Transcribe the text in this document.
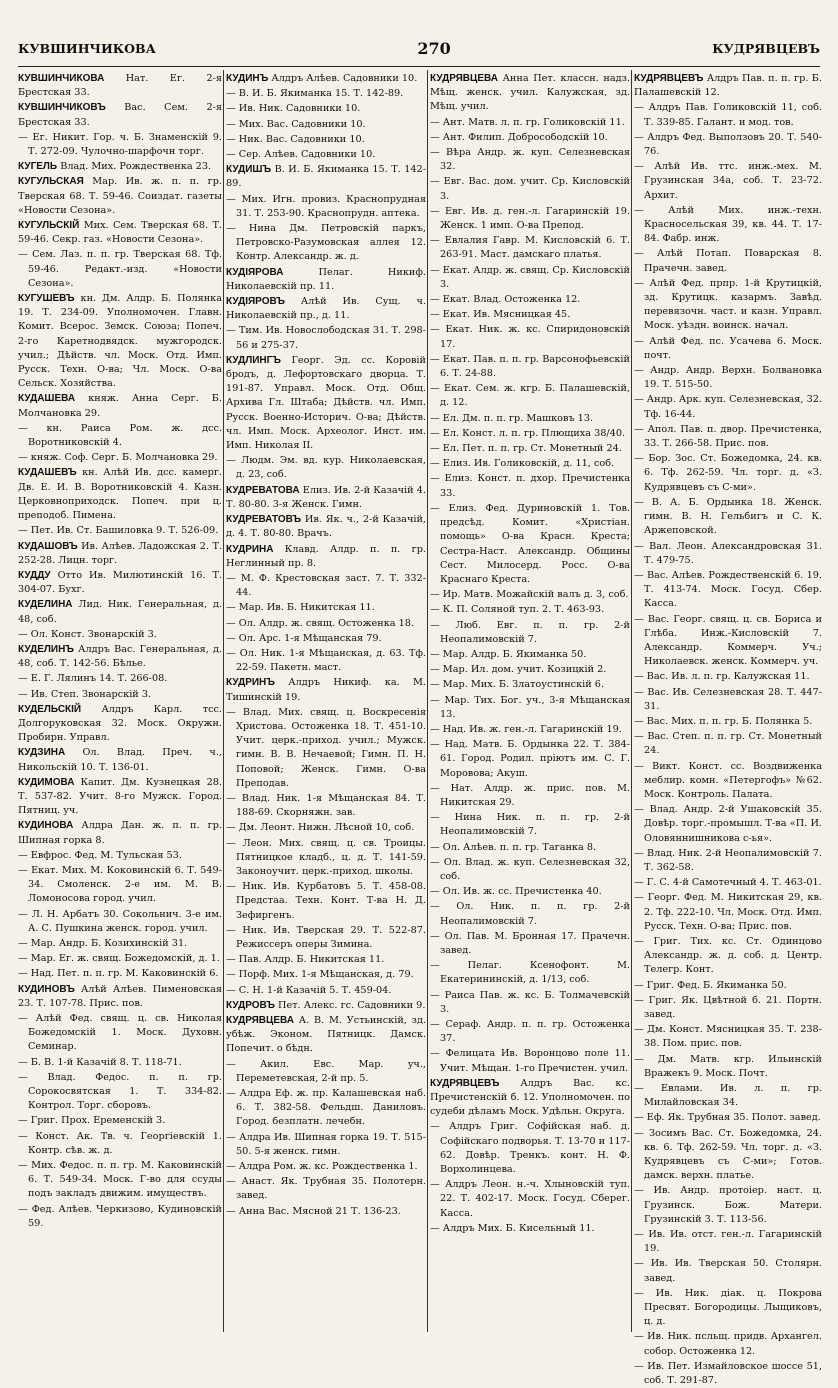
КУВШИНЧИКОВА	270	КУДРЯВЦЕВЪ
КУВШИНЧИКОВА Нат. Ег. 2-я Брестская 33.
КУВШИНЧИКОВЪ Вас. Сем. 2-я Брестская 33.
— Ег. Никит. Гор. ч. Б. Знаменскій 9. Т. 272-09. Чулочно-шарфочн торг.
КУГЕЛЬ Влад. Мих. Рождественка 23.
КУГУЛЬСКАЯ Мар. Ив. ж. п. п. гр. Тверская 68. Т. 59-46. Соиздат. газеты «Новости Сезона».
КУГУЛЬСКІЙ Мих. Сем. Тверская 68. Т. 59-46. Секр. газ. «Новости Сезона».
— Сем. Лаз. п. п. гр. Тверская 68. Тф. 59-46. Редакт.-изд. «Новости Сезона».
КУГУШЕВЪ кн. Дм. Алдр. Б. Полянка 19. Т. 234-09. Уполномочен. Главн. Комит. Всерос. Земск. Союза; Попеч. 2-го Каретнодвядск. мужгородск. учил.; Дѣйств. чл. Моск. Отд. Имп. Русск. Техн. О-ва; Чл. Моск. О-ва Сельск. Хозяйства.
КУДАШЕВА княж. Анна Серг. Б. Молчановка 29.
— кн. Раиса Ром. ж. дсс. Воротниковскій 4.
— княж. Соф. Серг. Б. Молчановка 29.
КУДАШЕВЪ кн. Алѣй Ив. дсс. камерг. Дв. Е. И. В. Воротниковскій 4. Казн. Церковноприходск. Попеч. при ц. преподоб. Пимена.
— Пет. Ив. Ст. Башиловка 9. Т. 526-09.
КУДАШОВЪ Ив. Алѣев. Ладожская 2. Т. 252-28. Лицн. торг.
КУДДУ Отто Ив. Милютинскій 16. Т. 304-07. Бухг.
КУДЕЛИНА Лид. Ник. Генеральная, д. 48, соб.
— Ол. Конст. Звонарскій 3.
КУДЕЛИНЪ Алдръ Вас. Генеральная, д. 48, соб. Т. 142-56. Бѣлье.
— Е. Г. Лялинъ 14. Т. 266-08.
— Ив. Степ. Звонарскій 3.
КУДЕЛЬСКІЙ Алдръ Карл. тсс. Долгоруковская 32. Моск. Окружн. Пробирн. Управл.
КУДЗИНА Ол. Влад. Преч. ч., Никольскій 10. Т. 136-01.
КУДИМОВА Капит. Дм. Кузнецкая 28. Т. 537-82. Учит. 8-го Мужск. Город. Пятниц. уч.
КУДИНОВА Алдра Дан. ж. п. п. гр. Шипная горка 8.
— Евфрос. Фед. М. Тульская 53.
— Екат. Мих. М. Коковинскій 6. Т. 549-34. Смоленск. 2-е им. М. В. Ломоносова город. учил.
— Л. Н. Арбатъ 30. Сокольнич. 3-е им. А. С. Пушкина женск. город. учил.
— Мар. Андр. Б. Козихинскій 31.
— Мар. Ег. ж. свящ. Божедомскій, д. 1.
— Над. Пет. п. п. гр. М. Каковинскій 6.
КУДИНОВЪ Алѣй Алѣев. Пименовская 23. Т. 107-78. Прис. пов.
— Алѣй Фед. свящ. ц. св. Николая Божедомскій 1. Моск. Духовн. Семинар.
— Б. В. 1-й Казачій 8. Т. 118-71.
— Влад. Федос. п. п. гр. Сорокосвятская 1. Т. 334-82. Контрол. Торг. сборовъ.
— Григ. Прох. Еременскій 3.
— Конст. Ак. Тв. ч. Георгіевскій 1. Контр. сѣв. ж. д.
— Мих. Федос. п. п. гр. М. Каковинскій 6. Т. 549-34. Моск. Г-во для ссуды подъ закладъ движим. имуществъ.
— Фед. Алѣев. Черкизово, Кудиновскій 59.
КУДИНЪ Алдръ Алѣев. Садовники 10.
— В. И. Б. Якиманка 15. Т. 142-89.
— Ив. Ник. Садовники 10.
— Мих. Вас. Садовники 10.
— Ник. Вас. Садовники 10.
— Сер. Алѣев. Садовники 10.
КУДИШЪ В. И. Б. Якиманка 15. Т. 142-89.
— Мих. Игн. провиз. Краснопрудная 31. Т. 253-90. Краснопрудн. аптека.
— Нина Дм. Петровскій паркъ, Петровско-Разумовская аллея 12. Контр. Александр. ж. д.
КУДІЯРОВА Пелаг. Никиф. Николаевскій пр. 11.
КУДІЯРОВЪ Алѣй Ив. Сущ. ч. Николаевскій пр., д. 11.
— Тим. Ив. Новослободская 31. Т. 298-56 и 275-37.
КУДЛИНГЪ Георг. Эд. сс. Коровій бродъ, д. Лефортовскаго дворца. Т. 191-87. Управл. Моск. Отд. Общ. Архива Гл. Штаба; Дѣйств. чл. Имп. Русск. Военно-Историч. О-ва; Дѣйств. чл. Имп. Моск. Археолог. Инст. им. Имп. Николая II.
— Людм. Эм. вд. кур. Николаевская, д. 23, соб.
КУДРЕВАТОВА Елиз. Ив. 2-й Казачій 4. Т. 80-80. 3-я Женск. Гимн.
КУДРЕВАТОВЪ Ив. Як. ч., 2-й Казачій, д. 4. Т. 80-80. Врачъ.
КУДРИНА Клавд. Алдр. п. п. гр. Неглинный пр. 8.
— М. Ф. Крестовская заст. 7. Т. 332-44.
— Мар. Ив. Б. Никитская 11.
— Ол. Алдр. ж. свящ. Остоженка 18.
— Ол. Арс. 1-я Мѣщанская 79.
— Ол. Ник. 1-я Мѣщанская, д. 63. Тф. 22-59. Пакетн. маст.
КУДРИНЪ Алдръ Никиф. ка. М. Тишинскій 19.
— Влад. Мих. свящ. ц. Воскресенія Христова. Остоженка 18. Т. 451-10. Учит. церк.-приход. учил.; Мужск. гимн. В. В. Нечаевой; Гимн. П. Н. Поповой; Женск. Гимн. О-ва Преподав.
— Влад. Ник. 1-я Мѣщанская 84. Т. 188-69. Скорняжн. зав.
— Дм. Леонт. Нижн. Лѣсной 10, соб.
— Леон. Мих. свящ. ц. св. Троицы. Пятницкое кладб., ц. д. Т. 141-59. Законоучит. церк.-приход. школы.
— Ник. Ив. Курбатовъ 5. Т. 458-08. Предстаа. Техн. Конт. Т-ва Н. Д. Зефиргенъ.
— Ник. Ив. Тверская 29. Т. 522-87. Режиссеръ оперы Зимина.
— Пав. Алдр. Б. Никитская 11.
— Порф. Мих. 1-я Мѣщанская, д. 79.
— С. Н. 1-й Казачій 5. Т. 459-04.
КУДРОВЪ Пет. Алекс. гс. Садовники 9.
КУДРЯВЦЕВА А. В. М. Устьинскій, зд. убѣж. Эконом. Пятницк. Дамск. Попечит. о бѣдн.
— Акил. Евс. Мар. уч., Переметевская, 2-й пр. 5.
— Алдра Еф. ж. пр. Калашевская наб. 6. Т. 382-58. Фельдш. Даниловъ. Город. безплатн. лечебн.
— Алдра Ив. Шипная горка 19. Т. 515-50. 5-я женск. гимн.
— Алдра Ром. ж. кс. Рождественка 1.
— Анаст. Як. Трубная 35. Полотерн. завед.
— Анна Вас. Мясной 21 Т. 136-23.
КУДРЯВЦЕВА Анна Пет. классн. надз. Мѣщ. женск. учил. Калужская, зд. Мѣщ. учил.
— Ант. Матв. л. п. гр. Голиковскій 11.
— Ант. Филип. Добросободскій 10.
— Вѣра Андр. ж. куп. Селезневская 32.
— Евг. Вас. дом. учит. Ср. Кисловскій 3.
— Евг. Ив. д. ген.-л. Гагаринскій 19. Женск. 1 имп. О-ва Препод.
— Евлалия Гавр. М. Кисловскій 6. Т. 263-91. Маст. дамскаго платья.
— Екат. Алдр. ж. свящ. Ср. Кисловскій 3.
— Екат. Влад. Остоженка 12.
— Екат. Ив. Мясницкая 45.
— Екат. Ник. ж. кс. Спиридоновскій 17.
— Екат. Пав. п. п. гр. Варсонофьевскій 6. Т. 24-88.
— Екат. Сем. ж. кгр. Б. Палашевскій, д. 12.
— Ел. Дм. п. п. гр. Машковъ 13.
— Ел. Конст. л. п. гр. Плющиха 38/40.
— Ел. Пет. п. п. гр. Ст. Монетный 24.
— Елиз. Ив. Голиковскій, д. 11, соб.
— Елиз. Конст. п. дхор. Пречистенка 33.
— Елиз. Фед. Дуриновскій 1. Тов. предсѣд. Комит. «Христіан. помощь» О-ва Красн. Креста; Сестра-Наст. Александр. Общины Сест. Милосерд. Росс. О-ва Краснаго Креста.
— Ир. Матв. Можайскій валъ д. 3, соб.
— К. П. Соляной туп. 2. Т. 463-93.
— Люб. Евг. п. п. гр. 2-й Неопалимовскій 7.
— Мар. Алдр. Б. Якиманка 50.
— Мар. Ил. дом. учит. Козицкій 2.
— Мар. Мих. Б. Златоустинскій 6.
— Мар. Тих. Бог. уч., 3-я Мѣщанская 13.
— Над. Ив. ж. ген.-л. Гагаринскій 19.
— Над. Матв. Б. Ордынка 22. Т. 384-61. Город. Родил. пріютъ им. С. Г. Моровова; Акуш.
— Нат. Алдр. ж. прис. пов. М. Никитская 29.
— Нина Ник. п. п. гр. 2-й Неопалимовскій 7.
— Ол. Алѣев. п. п. гр. Таганка 8.
— Ол. Влад. ж. куп. Селезневская 32, соб.
— Ол. Ив. ж. сс. Пречистенка 40.
— Ол. Ник. п. п. гр. 2-й Неопалимовскій 7.
— Ол. Пав. М. Бронная 17. Прачечн. завед.
— Пелаг. Ксенофонт. М. Екатерининскій, д. 1/13, соб.
— Раиса Пав. ж. кс. Б. Толмачевскій 3.
— Сераф. Андр. п. п. гр. Остоженка 37.
— Фелицата Ив. Воронцово поле 11. Учит. Мѣщан. 1-го Пречистен. учил.
КУДРЯВЦЕВЪ Алдръ Вас. кс. Пречистенскій б. 12. Уполномочен. по судеби дѣламъ Моск. Удѣльн. Округа.
— Алдръ Григ. Софійская наб. д. Софійскаго подворья. Т. 13-70 и 117-62. Довѣр. Тренкъ. конт. Н. Ф. Ворхолинцева.
— Алдръ Леон. н.-ч. Хлыновскій туп. 22. Т. 402-17. Моск. Госуд. Сберег. Касса.
— Алдръ Мих. Б. Кисельный 11.
КУДРЯВЦЕВЪ Алдръ Пав. п. п. гр. Б. Палашевскій 12.
— Алдръ Пав. Голиковскій 11, соб. Т. 339-85. Галант. и мод. тов.
— Алдръ Фед. Выползовъ 20. Т. 540-76.
— Алѣй Ив. ттс. инж.-мех. М. Грузинская 34а, соб. Т. 23-72. Архит.
— Алѣй Мих. инж.-техн. Красносельская 39, кв. 44. Т. 17-84. Фабр. инж.
— Алѣй Потап. Поварская 8. Прачечн. завед.
— Алѣй Фед. прпр. 1-й Крутицкій, зд. Крутицк. казармъ. Завѣд. перевязочн. част. и казн. Управл. Моск. уѣздн. воинск. начал.
— Алѣй Фед. пс. Усачева 6. Моск. почт.
— Андр. Андр. Верхн. Болвановка 19. Т. 515-50.
— Андр. Арк. куп. Селезневская, 32. Тф. 16-44.
— Апол. Пав. п. двор. Пречистенка, 33. Т. 266-58. Прис. пов.
— Бор. Зос. Ст. Божедомка, 24. кв. 6. Тф. 262-59. Чл. торг. д. «З. Кудрявцевъ съ С-ми».
— В. А. Б. Ордынка 18. Женск. гимн. В. Н. Гельбигъ и С. К. Аржеповской.
— Вал. Леон. Александровская 31. Т. 479-75.
— Вас. Алѣев. Рождественскій 6. 19. Т. 413-74. Моск. Госуд. Сбер. Касса.
— Вас. Георг. свящ. ц. св. Бориса и Глѣба. Инж.-Кисловскій 7. Александр. Коммерч. Уч.; Николаевск. женск. Коммерч. уч.
— Вас. Ив. л. п. гр. Калужская 11.
— Вас. Ив. Селезневская 28. Т. 447-31.
— Вас. Мих. п. п. гр. Б. Полянка 5.
— Вас. Степ. п. п. гр. Ст. Монетный 24.
— Викт. Конст. сс. Воздвиженка меблир. комн. «Петергофъ» №62. Моск. Контроль. Палата.
— Влад. Андр. 2-й Ушаковскій 35. Довѣр. торг.-промышл. Т-ва «П. И. Оловяннишникова с-ья».
— Влад. Ник. 2-й Неопалимовскій 7. Т. 362-58.
— Г. С. 4-й Самотечный 4. Т. 463-01.
— Георг. Фед. М. Никитская 29, кв. 2. Тф. 222-10. Чл. Моск. Отд. Имп. Русск. Техн. О-ва; Прис. пов.
— Григ. Тих. кс. Ст. Одинцово Александр. ж. д. соб. д. Центр. Телегр. Конт.
— Григ. Фед. Б. Якиманка 50.
— Григ. Як. Цвѣтной б. 21. Портн. завед.
— Дм. Конст. Мясницкая 35. Т. 238-38. Пом. прис. пов.
— Дм. Матв. кгр. Ильинскій Вражекъ 9. Моск. Почт.
— Евлами. Ив. л. п. гр. Милайловская 34.
— Еф. Як. Трубная 35. Полот. завед.
— Зосимъ Вас. Ст. Божедомка, 24. кв. 6. Тф. 262-59. Чл. торг. д. «З. Кудрявцевъ съ С-ми»; Готов. дамск. верхн. платье.
— Ив. Андр. протоіер. наст. ц. Грузинск. Бож. Матери. Грузинскій 3. Т. 113-56.
— Ив. Ив. отст. ген.-л. Гагаринскій 19.
— Ив. Ив. Тверская 50. Столярн. завед.
— Ив. Ник. діак. ц. Покрова Пресвят. Богородицы. Лыщиковъ, ц. д.
— Ив. Ник. псльщ. придв. Архангел. собор. Остоженка 12.
— Ив. Пет. Измайловское шоссе 51, соб. Т. 291-87.
